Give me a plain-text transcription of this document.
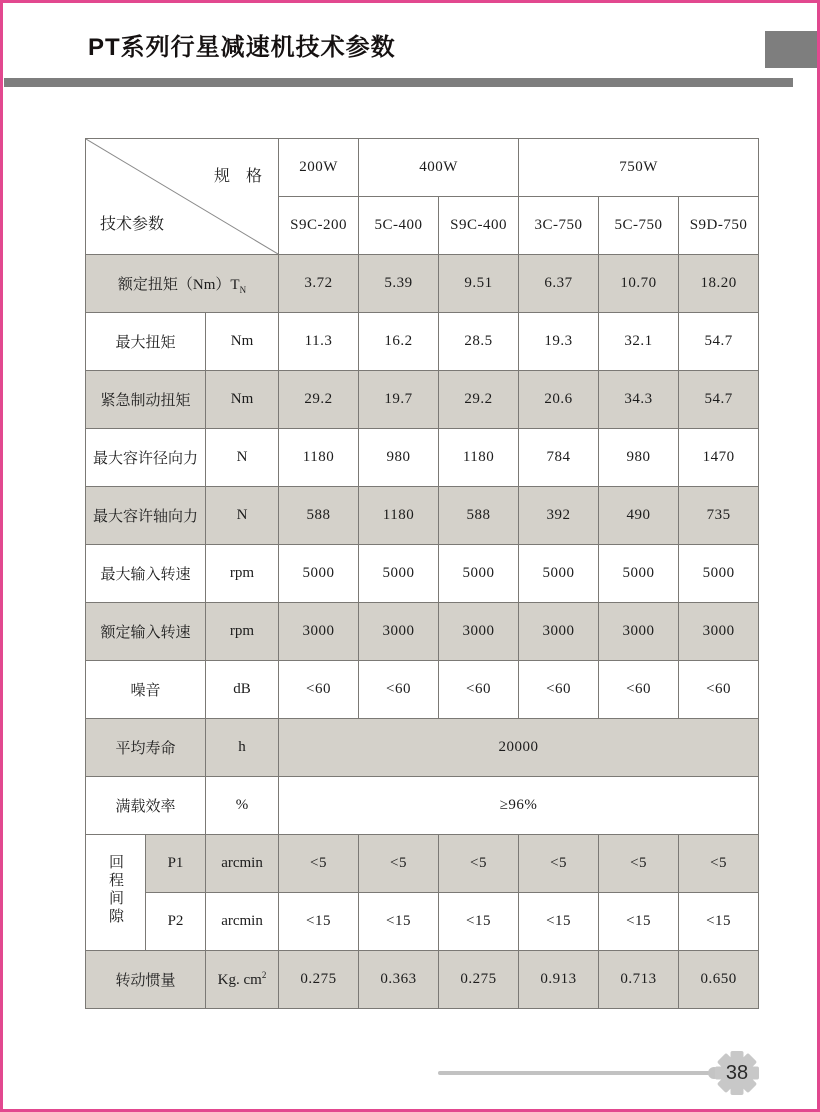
PT系列行星减速机技术参数
规　格
技术参数			200W	400W		750W		
			S9C-200	5C-400	S9C-400	3C-750	5C-750	S9D-750
额定扭矩$(Nm)T_N$			3.72	5.39	9.51	6.37	10.70	18.20
最大扭矩		Nm	11.3	16.2	28.5	19.3	32.1	54.7
紧急制动扭矩		Nm	29.2	19.7	29.2	20.6	34.3	54.7
最大容许径向力		N	1180	980	1180	784	980	1470
最大容许轴向力		N	588	1180	588	392	490	735
最大输入转速		rpm	5000	5000	5000	5000	5000	5000
额定输入转速		rpm	3000	3000	3000	3000	3000	3000
噪音		dB	<60	<60	<60	<60	<60	<60
平均寿命		h	20000					
满载效率		%	≥96%					
回程间隙	P1	arcmin	<5	<5	<5	<5	<5	<5
	P2	arcmin	<15	<15	<15	<15	<15	<15
转动惯量		Kg. $cm^2$	0.275	0.363	0.275	0.913	0.713	0.650
38
